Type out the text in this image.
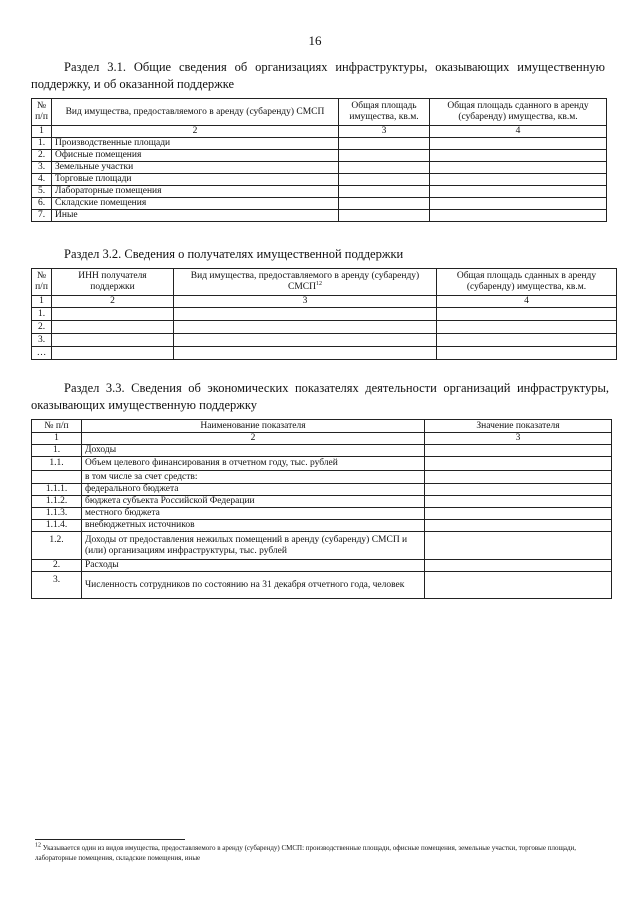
16
Раздел 3.1. Общие сведения об организациях инфраструктуры, оказывающих имущественную поддержку, и об оказанной поддержке
№ п/п	Вид имущества, предоставляемого в аренду (субаренду) СМСП	Общая площадь имущества, кв.м.	Общая площадь сданного в аренду (субаренду) имущества, кв.м.
1	2	3	4
1.	Производственные площади		
2.	Офисные помещения		
3.	Земельные участки		
4.	Торговые площади		
5.	Лабораторные помещения		
6.	Складские помещения		
7.	Иные		
Раздел 3.2. Сведения о получателях имущественной поддержки
№ п/п	ИНН получателя поддержки	Вид имущества, предоставляемого в аренду (субаренду) СМСП$^{12}$	Общая площадь сданных в аренду (субаренду) имущества, кв.м.
1	2	3	4
1.			
2.			
3.			
…			
Раздел 3.3. Сведения об экономических показателях деятельности организаций инфраструктуры, оказывающих имущественную поддержку
№ п/п	Наименование показателя	Значение показателя
1	2	3
1.	Доходы	
1.1.	Объем целевого финансирования в отчетном году, тыс. рублей	
	в том числе за счет средств:	
1.1.1.	федерального бюджета	
1.1.2.	бюджета субъекта Российской Федерации	
1.1.3.	местного бюджета	
1.1.4.	внебюджетных источников	
1.2.	Доходы от предоставления нежилых помещений в аренду (субаренду) СМСП и (или) организациям инфраструктуры, тыс. рублей	
2.	Расходы	
3.	Численность сотрудников по состоянию на 31 декабря отчетного года, человек	
$^{12}$ Указывается один из видов имущества, предоставляемого в аренду (субаренду) СМСП: производственные площади, офисные помещения, земельные участки, торговые площади, лабораторные помещения, складские помещения, иные
